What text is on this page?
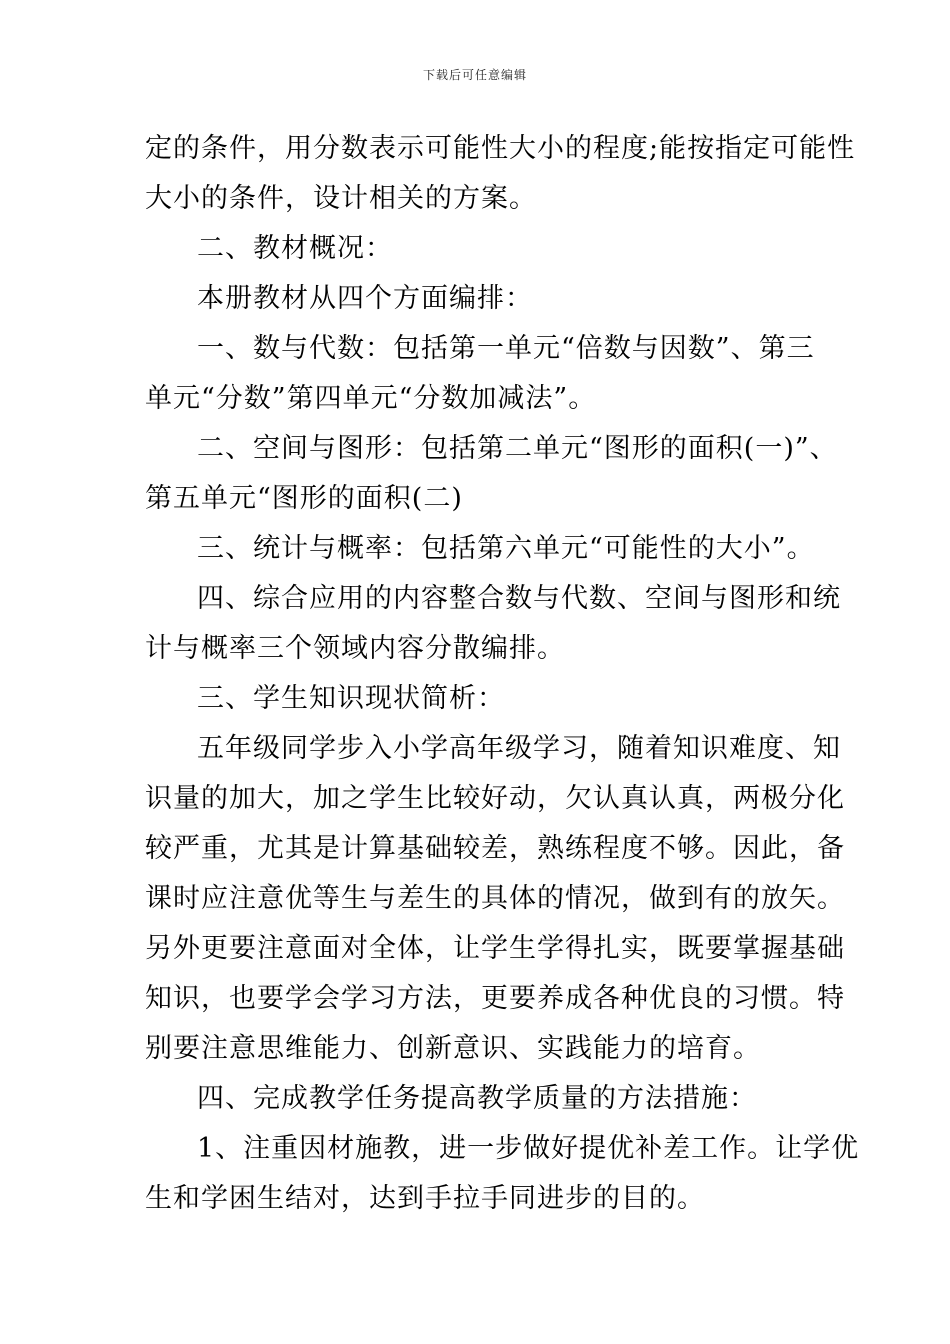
下载后可任意编辑
定的条件，用分数表示可能性大小的程度;能按指定可能性
大小的条件，设计相关的方案。
二、教材概况：
本册教材从四个方面编排：
一、数与代数：包括第一单元“倍数与因数”、第三
单元“分数”第四单元“分数加减法”。
二、空间与图形：包括第二单元“图形的面积(一)”、
第五单元“图形的面积(二)
三、统计与概率：包括第六单元“可能性的大小”。
四、综合应用的内容整合数与代数、空间与图形和统
计与概率三个领域内容分散编排。
三、学生知识现状简析：
五年级同学步入小学高年级学习，随着知识难度、知
识量的加大，加之学生比较好动，欠认真认真，两极分化
较严重，尤其是计算基础较差，熟练程度不够。因此，备
课时应注意优等生与差生的具体的情况，做到有的放矢。
另外更要注意面对全体，让学生学得扎实，既要掌握基础
知识，也要学会学习方法，更要养成各种优良的习惯。特
别要注意思维能力、创新意识、实践能力的培育。
四、完成教学任务提高教学质量的方法措施：
1、注重因材施教，进一步做好提优补差工作。让学优
生和学困生结对，达到手拉手同进步的目的。
